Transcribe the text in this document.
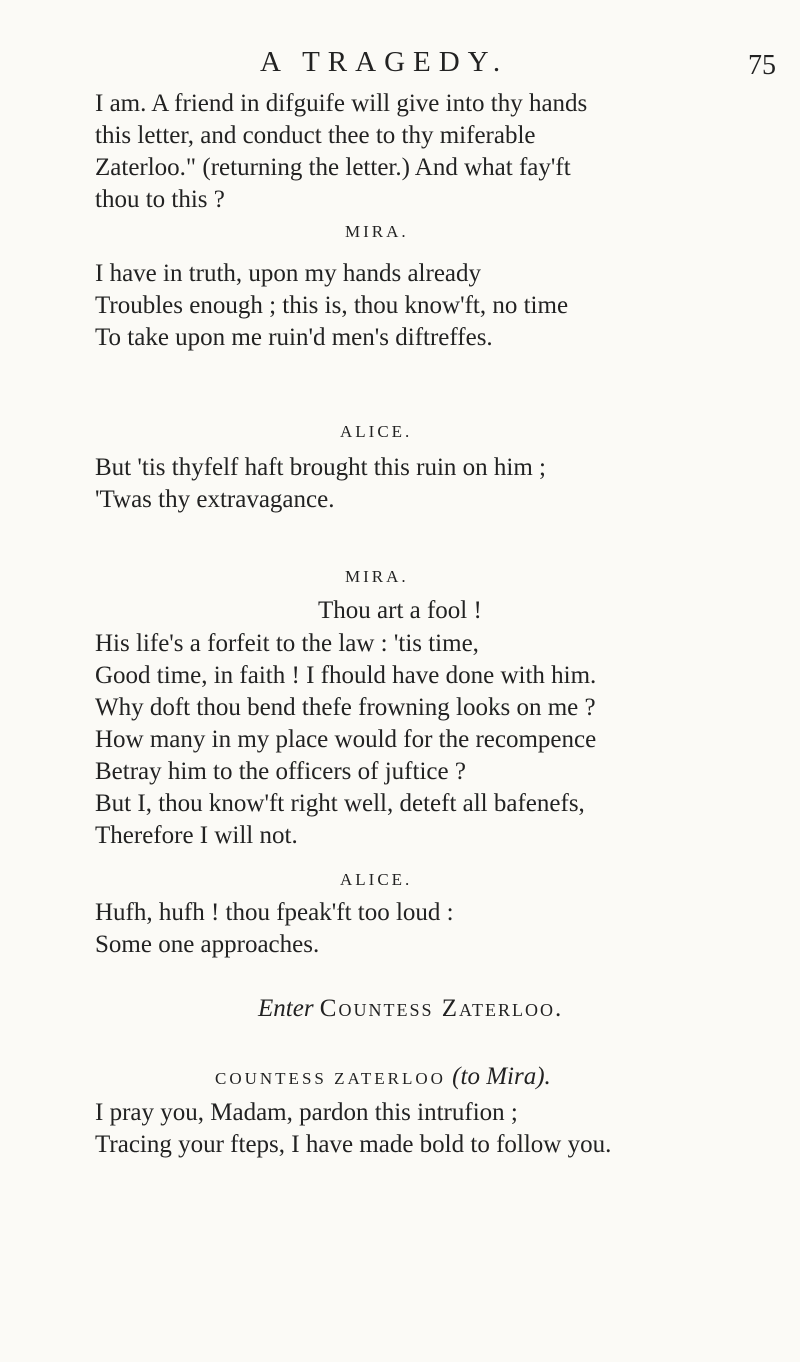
A TRAGEDY.	75
I am. A friend in difguife will give into thy hands
this letter, and conduct thee to thy miferable
Zaterloo." (returning the letter.) And what fay'ft
thou to this ?
MIRA.
I have in truth, upon my hands already
Troubles enough ; this is, thou know'ft, no time
To take upon me ruin'd men's diftreffes.
ALICE.
But 'tis thyfelf haft brought this ruin on him ;
'Twas thy extravagance.
MIRA.
Thou art a fool !
His life's a forfeit to the law : 'tis time,
Good time, in faith ! I fhould have done with him.
Why doft thou bend thefe frowning looks on me ?
How many in my place would for the recompence
Betray him to the officers of juftice ?
But I, thou know'ft right well, deteft all bafenefs,
Therefore I will not.
ALICE.
Hufh, hufh ! thou fpeak'ft too loud :
Some one approaches.
Enter Countess Zaterloo.
COUNTESS ZATERLOO (to Mira).
I pray you, Madam, pardon this intrufion ;
Tracing your fteps, I have made bold to follow you.
